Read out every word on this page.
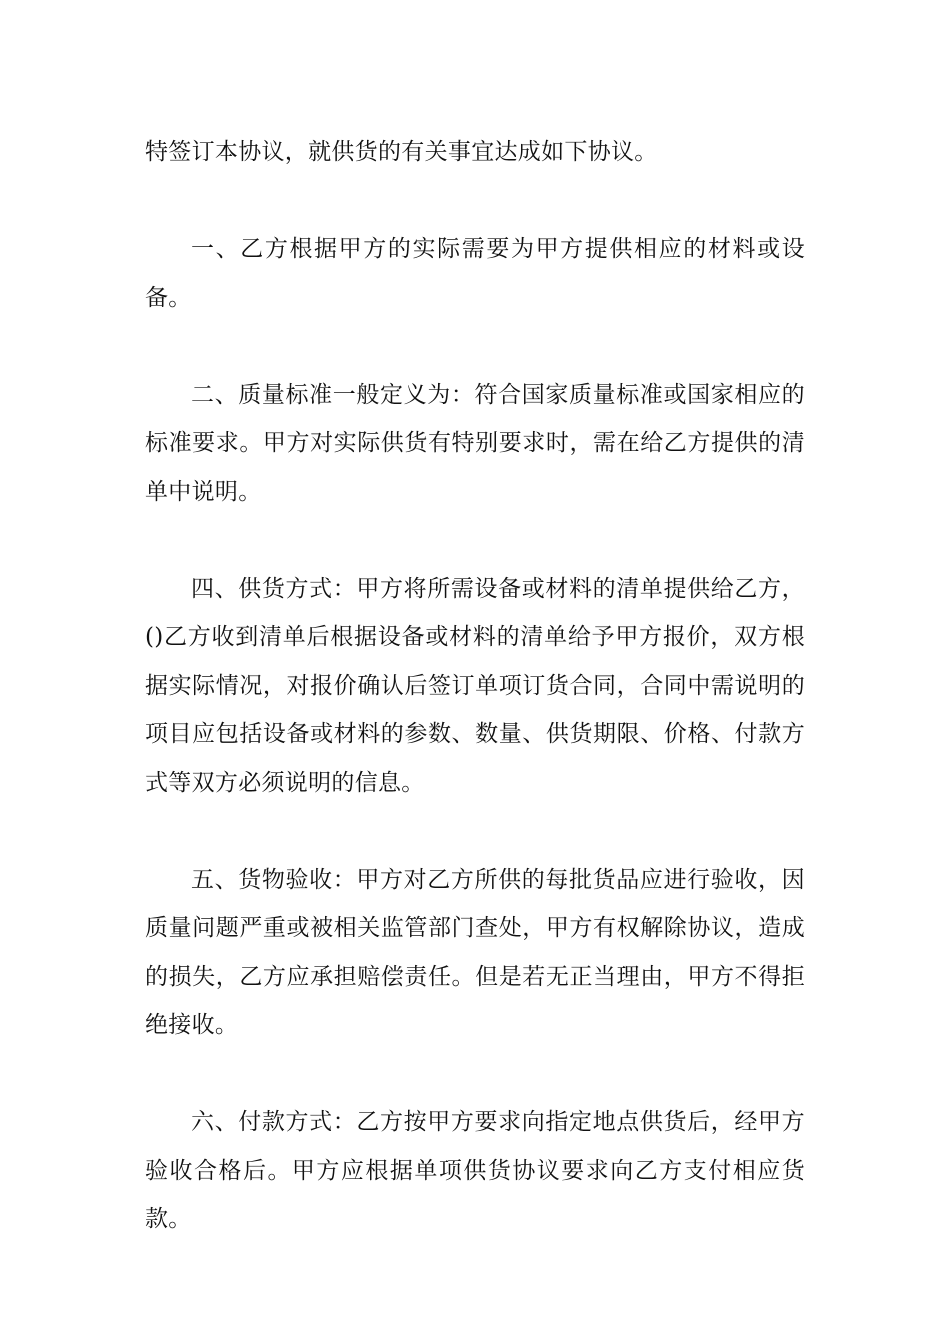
特签订本协议，就供货的有关事宜达成如下协议。

一、乙方根据甲方的实际需要为甲方提供相应的材料或设备。

二、质量标准一般定义为：符合国家质量标准或国家相应的标准要求。甲方对实际供货有特别要求时，需在给乙方提供的清单中说明。

四、供货方式：甲方将所需设备或材料的清单提供给乙方，()乙方收到清单后根据设备或材料的清单给予甲方报价，双方根据实际情况，对报价确认后签订单项订货合同，合同中需说明的项目应包括设备或材料的参数、数量、供货期限、价格、付款方式等双方必须说明的信息。

五、货物验收：甲方对乙方所供的每批货品应进行验收，因质量问题严重或被相关监管部门查处，甲方有权解除协议，造成的损失，乙方应承担赔偿责任。但是若无正当理由，甲方不得拒绝接收。

六、付款方式：乙方按甲方要求向指定地点供货后，经甲方验收合格后。甲方应根据单项供货协议要求向乙方支付相应货款。
